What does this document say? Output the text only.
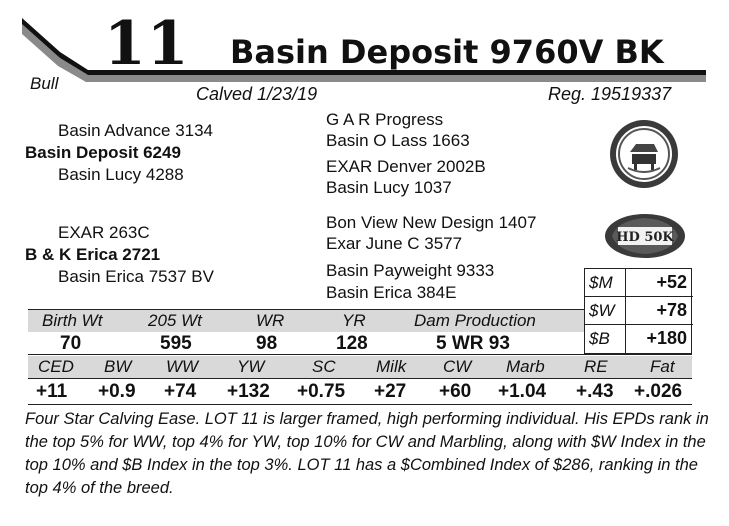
11 Basin Deposit 9760V BK
Bull
Calved 1/23/19	Reg. 19519337
Basin Advance 3134
Basin Deposit 6249
Basin Lucy 4288
EXAR 263C
B & K Erica 2721
Basin Erica 7537 BV
G A R Progress
Basin O Lass 1663
EXAR Denver 2002B
Basin Lucy 1037
Bon View New Design 1407
Exar June C 3577
Basin Payweight 9333
Basin Erica 384E
HD 50K
$M +52
$W +78
$B +180
Birth Wt	205 Wt	WR	YR	Dam Production
70	595	98	128	5 WR 93
CED BW WW YW	SC Milk CW Marb RE Fat
+11 +0.9 +74 +132 +0.75 +27 +60 +1.04 +.43 +.026
Four Star Calving Ease. LOT 11 is larger framed, high performing individual. His EPDs rank in the top 5% for WW, top 4% for YW, top 10% for CW and Marbling, along with $W Index in the top 10% and $B Index in the top 3%. LOT 11 has a $Combined Index of $286, ranking in the top 4% of the breed.
